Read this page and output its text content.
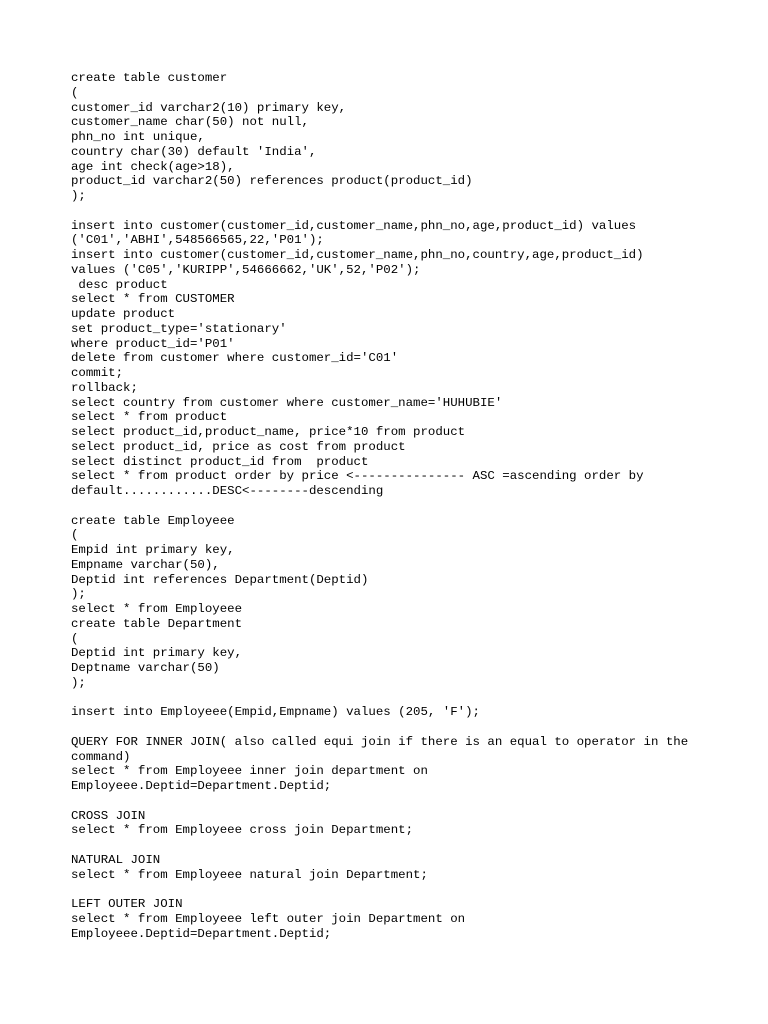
create table customer
(
customer_id varchar2(10) primary key,
customer_name char(50) not null,
phn_no int unique,
country char(30) default 'India',
age int check(age>18),
product_id varchar2(50) references product(product_id)
);
insert into customer(customer_id,customer_name,phn_no,age,product_id) values
('C01','ABHI',548566565,22,'P01');
insert into customer(customer_id,customer_name,phn_no,country,age,product_id)
values ('C05','KURIPP',54666662,'UK',52,'P02');
desc product
select * from CUSTOMER
update product
set product_type='stationary'
where product_id='P01'
delete from customer where customer_id='C01'
commit;
rollback;
select country from customer where customer_name='HUHUBIE'
select * from product
select product_id,product_name, price*10 from product
select product_id, price as cost from product
select distinct product_id from  product
select * from product order by price <--------------- ASC =ascending order by
default............DESC<--------descending
create table Employeee
(
Empid int primary key,
Empname varchar(50),
Deptid int references Department(Deptid)
);
select * from Employeee
create table Department
(
Deptid int primary key,
Deptname varchar(50)
);
insert into Employeee(Empid,Empname) values (205, 'F');
QUERY FOR INNER JOIN( also called equi join if there is an equal to operator in the
command)
select * from Employeee inner join department on
Employeee.Deptid=Department.Deptid;
CROSS JOIN
select * from Employeee cross join Department;
NATURAL JOIN
select * from Employeee natural join Department;
LEFT OUTER JOIN
select * from Employeee left outer join Department on
Employeee.Deptid=Department.Deptid;
